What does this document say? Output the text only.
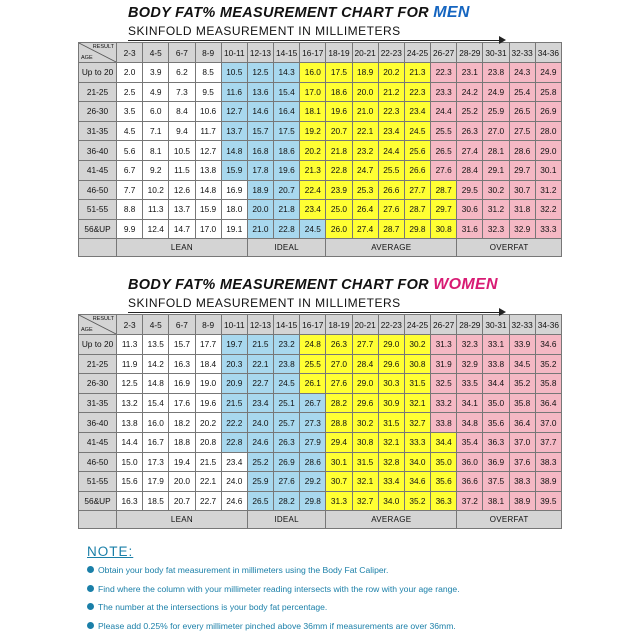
BODY FAT% MEASUREMENT CHART FOR MEN
SKINFOLD MEASUREMENT IN MILLIMETERS
RESULT
AGE	2-3	4-5	6-7	8-9	10-11	12-13	14-15	16-17	18-19	20-21	22-23	24-25	26-27	28-29	30-31	32-33	34-36
Up to 20	2.0	3.9	6.2	8.5	10.5	12.5	14.3	16.0	17.5	18.9	20.2	21.3	22.3	23.1	23.8	24.3	24.9
21-25	2.5	4.9	7.3	9.5	11.6	13.6	15.4	17.0	18.6	20.0	21.2	22.3	23.3	24.2	24.9	25.4	25.8
26-30	3.5	6.0	8.4	10.6	12.7	14.6	16.4	18.1	19.6	21.0	22.3	23.4	24.4	25.2	25.9	26.5	26.9
31-35	4.5	7.1	9.4	11.7	13.7	15.7	17.5	19.2	20.7	22.1	23.4	24.5	25.5	26.3	27.0	27.5	28.0
36-40	5.6	8.1	10.5	12.7	14.8	16.8	18.6	20.2	21.8	23.2	24.4	25.6	26.5	27.4	28.1	28.6	29.0
41-45	6.7	9.2	11.5	13.8	15.9	17.8	19.6	21.3	22.8	24.7	25.5	26.6	27.6	28.4	29.1	29.7	30.1
46-50	7.7	10.2	12.6	14.8	16.9	18.9	20.7	22.4	23.9	25.3	26.6	27.7	28.7	29.5	30.2	30.7	31.2
51-55	8.8	11.3	13.7	15.9	18.0	20.0	21.8	23.4	25.0	26.4	27.6	28.7	29.7	30.6	31.2	31.8	32.2
56&UP	9.9	12.4	14.7	17.0	19.1	21.0	22.8	24.5	26.0	27.4	28.7	29.8	30.8	31.6	32.3	32.9	33.3
	LEAN					IDEAL			AVERAGE					OVERFAT			
BODY FAT% MEASUREMENT CHART FOR WOMEN
SKINFOLD MEASUREMENT IN MILLIMETERS
RESULT
AGE	2-3	4-5	6-7	8-9	10-11	12-13	14-15	16-17	18-19	20-21	22-23	24-25	26-27	28-29	30-31	32-33	34-36
Up to 20	11.3	13.5	15.7	17.7	19.7	21.5	23.2	24.8	26.3	27.7	29.0	30.2	31.3	32.3	33.1	33.9	34.6
21-25	11.9	14.2	16.3	18.4	20.3	22.1	23.8	25.5	27.0	28.4	29.6	30.8	31.9	32.9	33.8	34.5	35.2
26-30	12.5	14.8	16.9	19.0	20.9	22.7	24.5	26.1	27.6	29.0	30.3	31.5	32.5	33.5	34.4	35.2	35.8
31-35	13.2	15.4	17.6	19.6	21.5	23.4	25.1	26.7	28.2	29.6	30.9	32.1	33.2	34.1	35.0	35.8	36.4
36-40	13.8	16.0	18.2	20.2	22.2	24.0	25.7	27.3	28.8	30.2	31.5	32.7	33.8	34.8	35.6	36.4	37.0
41-45	14.4	16.7	18.8	20.8	22.8	24.6	26.3	27.9	29.4	30.8	32.1	33.3	34.4	35.4	36.3	37.0	37.7
46-50	15.0	17.3	19.4	21.5	23.4	25.2	26.9	28.6	30.1	31.5	32.8	34.0	35.0	36.0	36.9	37.6	38.3
51-55	15.6	17.9	20.0	22.1	24.0	25.9	27.6	29.2	30.7	32.1	33.4	34.6	35.6	36.6	37.5	38.3	38.9
56&UP	16.3	18.5	20.7	22.7	24.6	26.5	28.2	29.8	31.3	32.7	34.0	35.2	36.3	37.2	38.1	38.9	39.5
	LEAN					IDEAL			AVERAGE					OVERFAT			
NOTE:
Obtain your body fat measurement in millimeters using the Body Fat Caliper.
Find where the column with your millimeter reading intersects with the row with your age range.
The number at the intersections is your body fat percentage.
Please add 0.25% for every millimeter pinched above 36mm if measurements are over 36mm.
